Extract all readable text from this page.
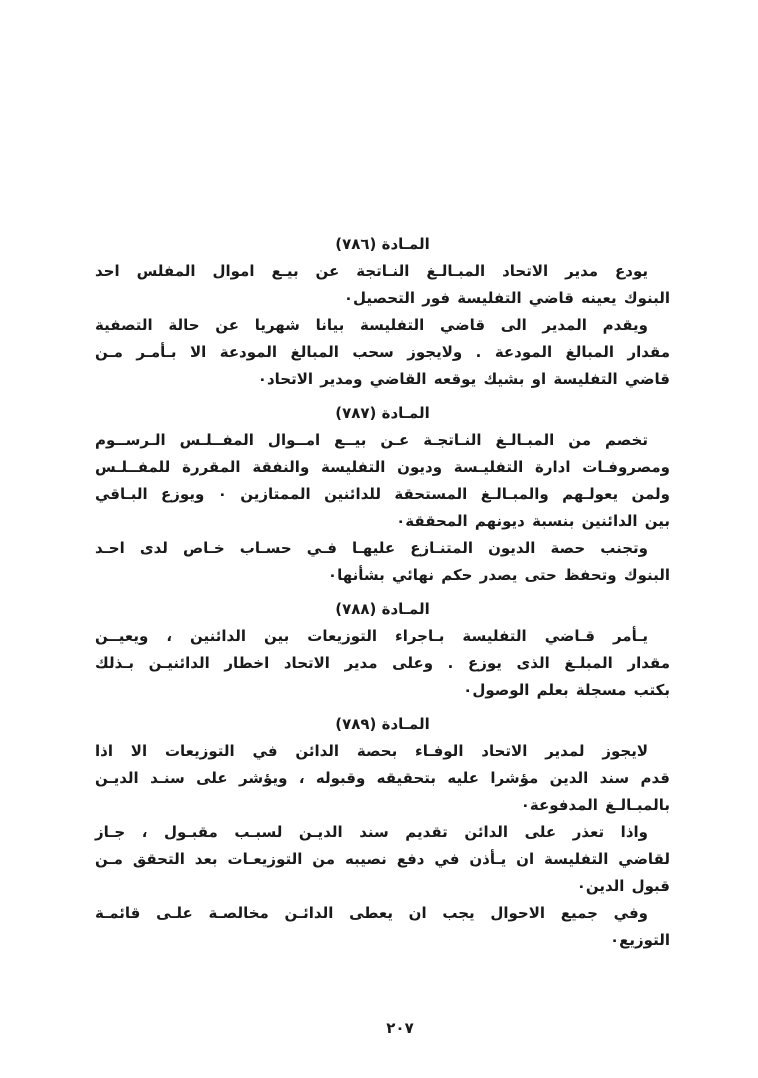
المـادة (٧٨٦)

يودع مدير الاتحاد المبـالـغ النـاتجة عن بيـع اموال المفلس احد

البنوك يعينه قاضي التفليسة فور التحصيل٠

ويقدم المدير الى قاضي التفليسة بيانا شهريا عن حالة التصفية

مقدار المبالغ المودعة . ولايجوز سحب المبالغ المودعة الا بـأمـر مـن

قاضي التفليسة او بشيك يوقعه القاضي ومدير الاتحاد٠

المـادة (٧٨٧)

تخصم من المبـالـغ النـاتجـة عـن بيــع امــوال المفــلـس الـرســوم

ومصروفـات ادارة التفليـسة وديون التفليسة والنفقة المقررة للمفــلـس

ولمن يعولـهم والمبـالـغ المستحقة للدائنين الممتازين ٠ ويوزع البـاقي

بين الدائنين بنسبة ديونهم المحققة٠

وتجنب حصة الديون المتنـازع عليهـا فـي حسـاب خـاص لدى احـد

البنوك وتحفظ حتى يصدر حكم نهائي بشأنها٠

المـادة (٧٨٨)

يـأمر قـاضي التفليسة بـاجراء التوزيعات بين الدائنين ، ويعيــن

مقدار المبلـغ الذى يوزع . وعلى مدير الاتحاد اخطار الدائنيـن بـذلك

بكتب مسجلة بعلم الوصول٠

المـادة (٧٨٩)

لايجوز لمدير الاتحاد الوفـاء بحصة الدائن في التوزيعات الا اذا

قدم سند الدين مؤشرا عليه بتحقيقه وقبوله ، ويؤشر على سنـد الديـن

بالمبـالـغ المدفوعة٠

واذا تعذر على الدائن تقديم سند الديـن لسبـب مقبـول ، جـاز

لقاضي التفليسة ان يـأذن في دفع نصيبه من التوزيعـات بعد التحقق مـن

قبول الدين٠

وفي جميع الاحوال يجب ان يعطى الدائـن مخالصـة علـى قائمـة

التوزيع٠

٢٠٧
